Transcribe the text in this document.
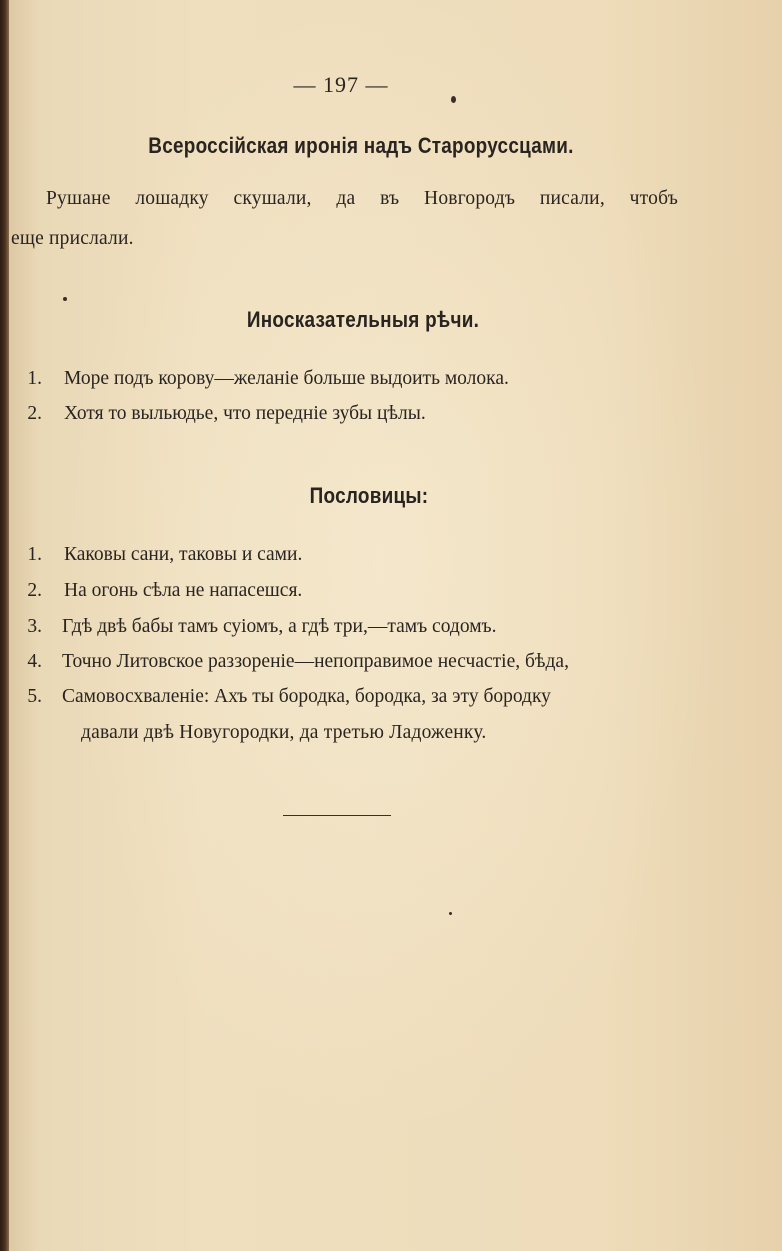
— 197 —
Всероссійская иронія надъ Старорусcцами.
Рушане лошадку скушали, да въ Новгородъ писали, чтобъ
еще прислали.
Иносказательныя рѣчи.
1. Море подъ корову—желаніе больше выдоить молока.
2. Хотя то выльюдье, что передніе зубы цѣлы.
Пословицы:
1. Каковы сани, таковы и сами.
2. На огонь сѣла не напасешся.
3. Гдѣ двѣ бабы тамъ суіомъ, а гдѣ три,—тамъ содомъ.
4. Точно Литовское раззореніе—непоправимое несчастіе, бѣда,
5. Самовосхваленіе: Ахъ ты бородка, бородка, за эту бородку
давали двѣ Новугородки, да третью Ладоженку.
